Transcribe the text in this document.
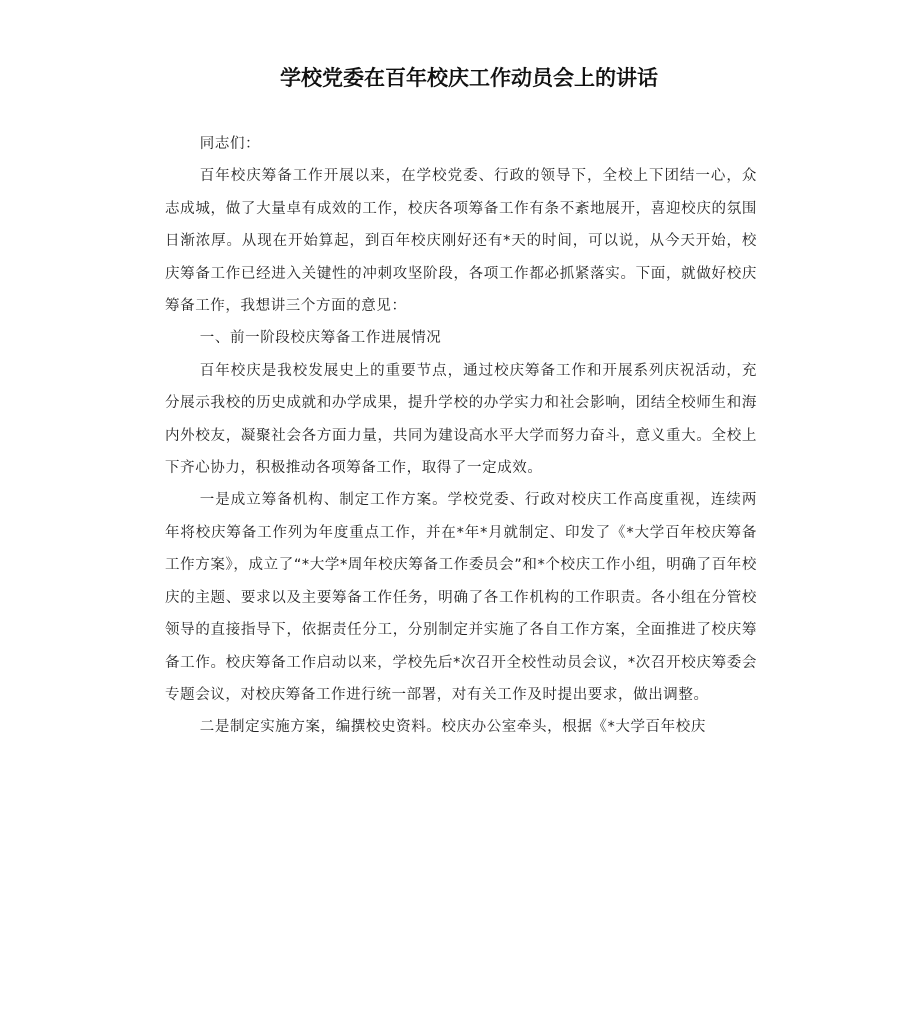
学校党委在百年校庆工作动员会上的讲话

同志们：

百年校庆筹备工作开展以来，在学校党委、行政的领导下，全校上下团结一心，众志成城，做了大量卓有成效的工作，校庆各项筹备工作有条不紊地展开，喜迎校庆的氛围日渐浓厚。从现在开始算起，到百年校庆刚好还有*天的时间，可以说，从今天开始，校庆筹备工作已经进入关键性的冲刺攻坚阶段，各项工作都必抓紧落实。下面，就做好校庆筹备工作，我想讲三个方面的意见：

一、前一阶段校庆筹备工作进展情况

百年校庆是我校发展史上的重要节点，通过校庆筹备工作和开展系列庆祝活动，充分展示我校的历史成就和办学成果，提升学校的办学实力和社会影响，团结全校师生和海内外校友，凝聚社会各方面力量，共同为建设高水平大学而努力奋斗，意义重大。全校上下齐心协力，积极推动各项筹备工作，取得了一定成效。

一是成立筹备机构、制定工作方案。学校党委、行政对校庆工作高度重视，连续两年将校庆筹备工作列为年度重点工作，并在*年*月就制定、印发了《*大学百年校庆筹备工作方案》，成立了“*大学*周年校庆筹备工作委员会”和*个校庆工作小组，明确了百年校庆的主题、要求以及主要筹备工作任务，明确了各工作机构的工作职责。各小组在分管校领导的直接指导下，依据责任分工，分别制定并实施了各自工作方案，全面推进了校庆筹备工作。校庆筹备工作启动以来，学校先后*次召开全校性动员会议，*次召开校庆筹委会专题会议，对校庆筹备工作进行统一部署，对有关工作及时提出要求，做出调整。

二是制定实施方案，编撰校史资料。校庆办公室牵头，根据《*大学百年校庆
